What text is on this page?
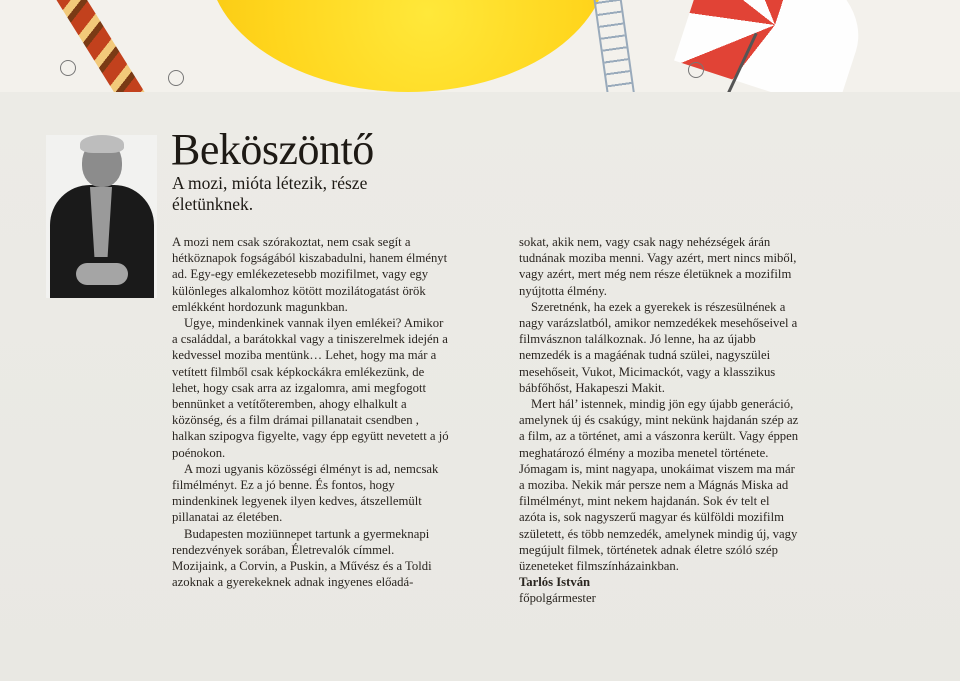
Beköszöntő

A mozi, mióta létezik, része életünknek.

A mozi nem csak szórakoztat, nem csak segít a hétköznapok fogságából kiszabadulni, hanem élményt ad. Egy-egy emlékezetesebb mozifilmet, vagy egy különleges alkalomhoz kötött mozilátogatást örök emlékként hordozunk magunkban.

Ugye, mindenkinek vannak ilyen emlékei? Amikor a családdal, a barátokkal vagy a tiniszerelmek idején a kedvessel moziba mentünk… Lehet, hogy ma már a vetített filmből csak képkockákra emlékezünk, de lehet, hogy csak arra az izgalomra, ami megfogott bennünket a vetítőteremben, ahogy elhalkult a közönség, és a film drámai pillanatait csendben , halkan szipogva figyelte, vagy épp együtt nevetett a jó poénokon.

A mozi ugyanis közösségi élményt is ad, nemcsak filmélményt. Ez a jó benne. És fontos, hogy mindenkinek legyenek ilyen kedves, átszellemült pillanatai az életében.

Budapesten moziünnepet tartunk a gyermeknapi rendezvények sorában, Életrevalók címmel. Mozijaink, a Corvin, a Puskin, a Művész és a Toldi azoknak a gyerekeknek adnak ingyenes előadá-

sokat, akik nem, vagy csak nagy nehézségek árán tudnának moziba menni. Vagy azért, mert nincs miből, vagy azért, mert még nem része életüknek a mozifilm nyújtotta élmény.

Szeretnénk, ha ezek a gyerekek is részesülnének a nagy varázslatból, amikor nemzedékek mesehőseivel a filmvásznon találkoznak. Jó lenne, ha az újabb nemzedék is a magáénak tudná szülei, nagyszülei mesehőseit, Vukot, Micimackót, vagy a klasszikus bábfőhőst, Hakapeszi Makit.

Mert hál’ istennek, mindig jön egy újabb generáció, amelynek új és csakúgy, mint nekünk hajdanán szép az a film, az a történet, ami a vászonra került. Vagy éppen meghatározó élmény a moziba menetel története. Jómagam is, mint nagyapa, unokáimat viszem ma már a moziba. Nekik már persze nem a Mágnás Miska ad filmélményt, mint nekem hajdanán. Sok év telt el azóta is, sok nagyszerű magyar és külföldi mozifilm született, és több nemzedék, amelynek mindig új, vagy megújult filmek, történetek adnak életre szóló szép üzeneteket filmszínházainkban.

Tarlós István

főpolgármester
